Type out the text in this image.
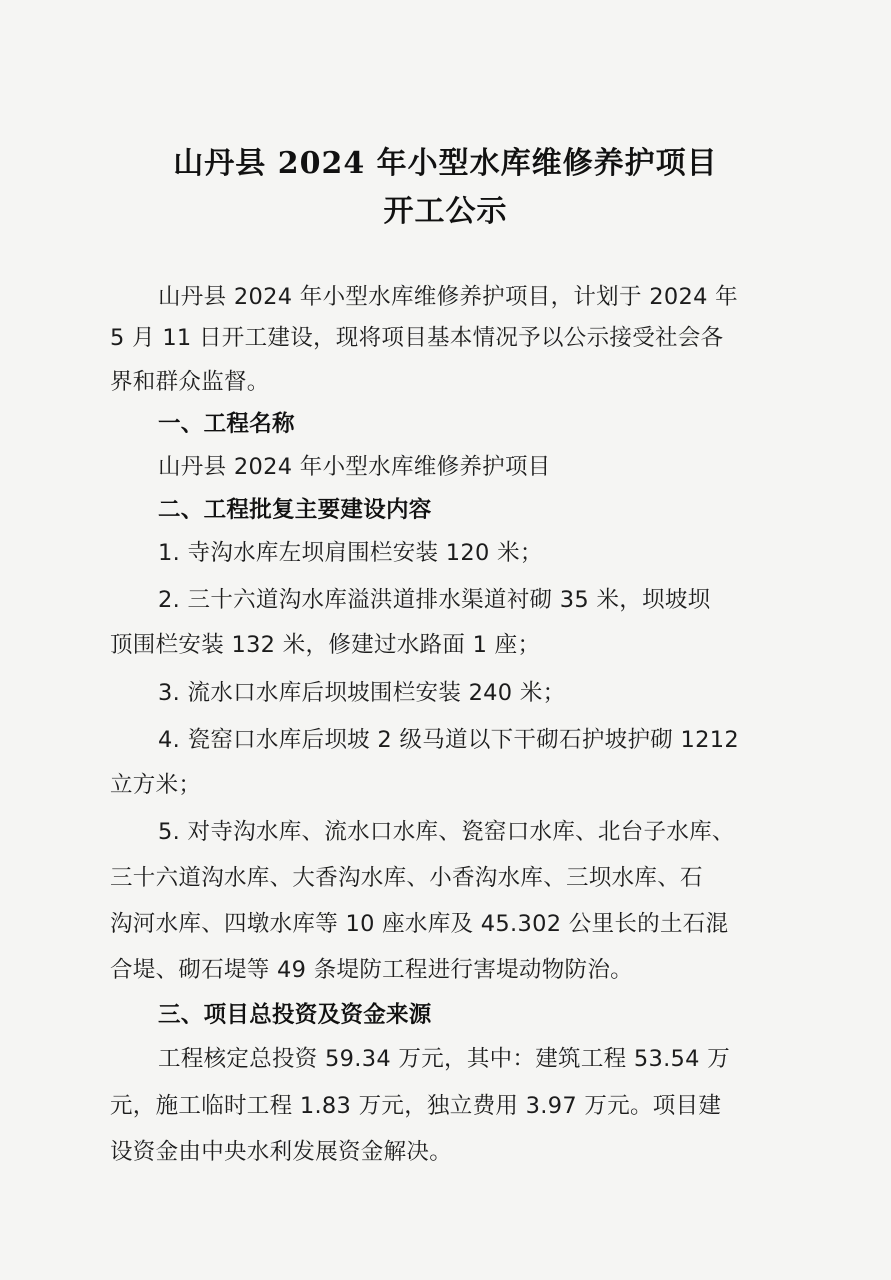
山丹县 2024 年小型水库维修养护项目
开工公示
山丹县 2024 年小型水库维修养护项目，计划于 2024 年
5 月 11 日开工建设，现将项目基本情况予以公示接受社会各
界和群众监督。
一、工程名称
山丹县 2024 年小型水库维修养护项目
二、工程批复主要建设内容
1. 寺沟水库左坝肩围栏安装 120 米；
2. 三十六道沟水库溢洪道排水渠道衬砌 35 米，坝坡坝
顶围栏安装 132 米，修建过水路面 1 座；
3. 流水口水库后坝坡围栏安装 240 米；
4. 瓷窑口水库后坝坡 2 级马道以下干砌石护坡护砌 1212
立方米；
5. 对寺沟水库、流水口水库、瓷窑口水库、北台子水库、
三十六道沟水库、大香沟水库、小香沟水库、三坝水库、石
沟河水库、四墩水库等 10 座水库及 45.302 公里长的土石混
合堤、砌石堤等 49 条堤防工程进行害堤动物防治。
三、项目总投资及资金来源
工程核定总投资 59.34 万元，其中：建筑工程 53.54 万
元，施工临时工程 1.83 万元，独立费用 3.97 万元。项目建
设资金由中央水利发展资金解决。
